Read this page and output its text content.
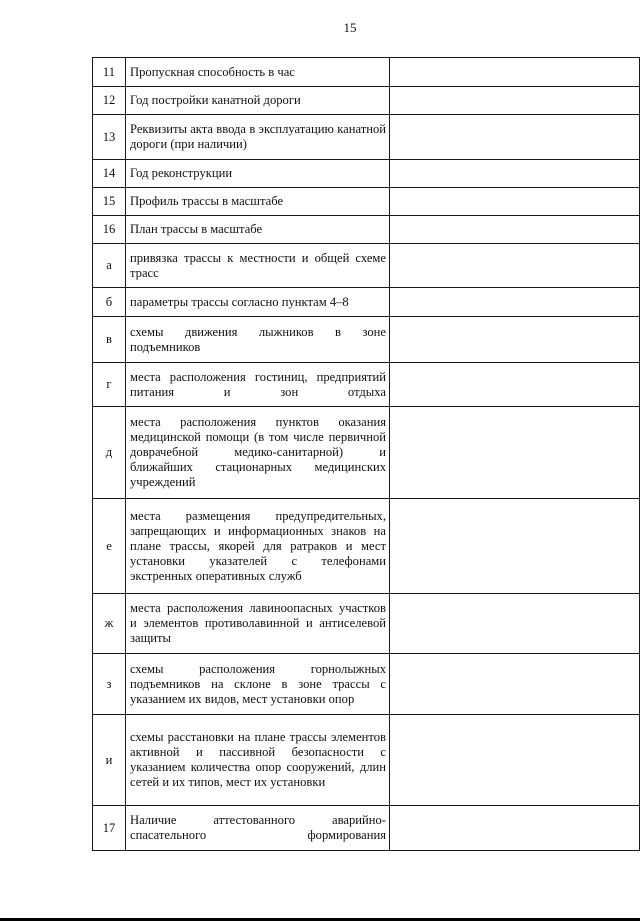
15
11	Пропускная способность в час	
12	Год постройки канатной дороги	
13	Реквизиты акта ввода в эксплуатацию канатной дороги (при наличии)	
14	Год реконструкции	
15	Профиль трассы в масштабе	
16	План трассы в масштабе	
а	привязка трассы к местности и общей схеме трасс	
б	параметры трассы согласно пунктам 4–8	
в	схемы движения лыжников в зоне подъемников	
г	места расположения гостиниц, предприятий питания и зон отдыха	
д	места расположения пунктов оказания медицинской помощи (в том числе первичной доврачебной медико-санитарной) и ближайших стационарных медицинских учреждений	
е	места размещения предупредительных, запрещающих и информационных знаков на плане трассы, якорей для ратраков и мест установки указателей с телефонами экстренных оперативных служб	
ж	места расположения лавиноопасных участков и элементов противолавинной и антиселевой защиты	
з	схемы расположения горнолыжных подъемников на склоне в зоне трассы с указанием их видов, мест установки опор	
и	схемы расстановки на плане трассы элементов активной и пассивной безопасности с указанием количества опор сооружений, длин сетей и их типов, мест их установки	
17	Наличие аттестованного аварийно-спасательного формирования	
